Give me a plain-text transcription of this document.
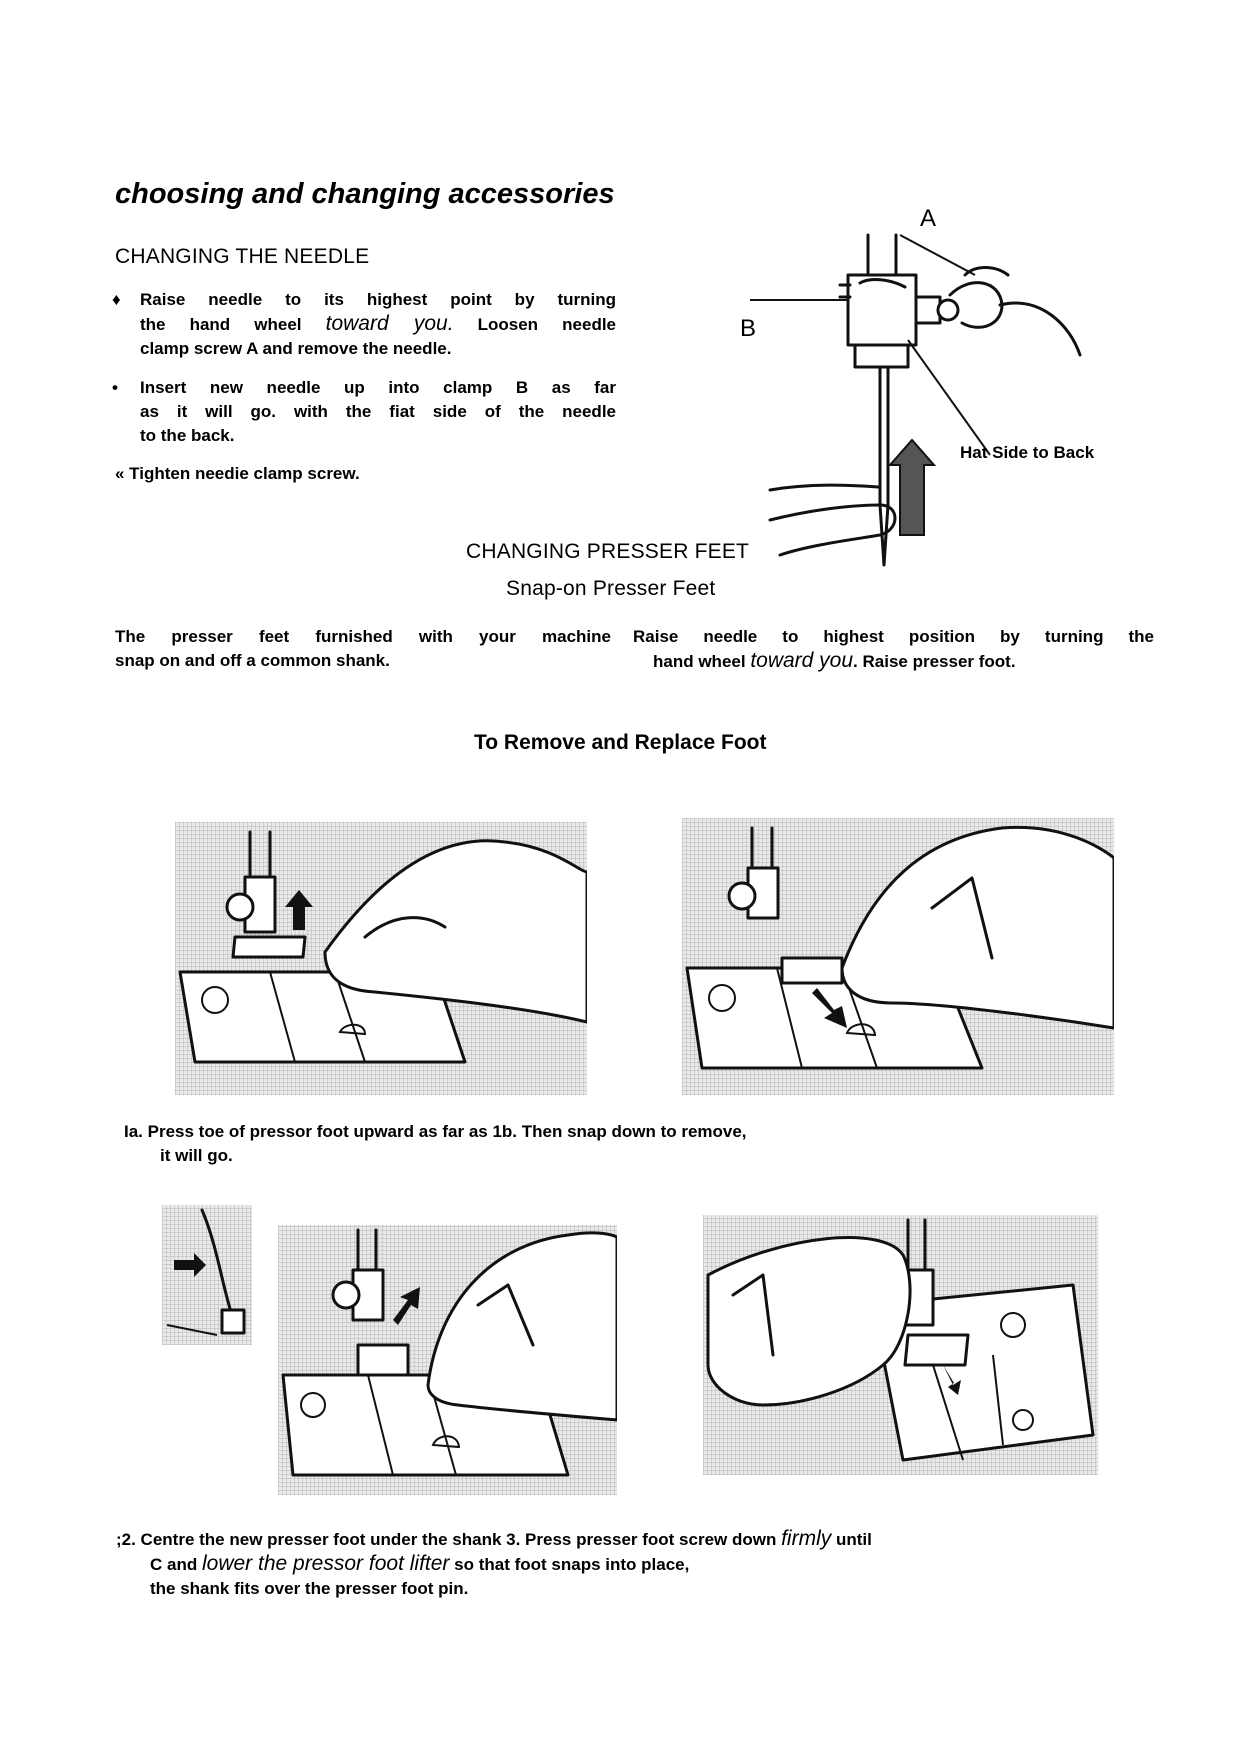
choosing and changing accessories
CHANGING THE NEEDLE
♦ Raise needle to its highest point by turning
the hand wheel toward you. Loosen needle
clamp screw A and remove the needle.
• Insert new needle up into clamp B as far
as it will go. with the fiat side of the needle
to the back.
« Tighten needie clamp screw.
A
B
Hat Side to Back
CHANGING PRESSER FEET
Snap-on Presser Feet
The presser feet furnished with your machine
snap on and off a common shank.
Raise needle to highest position by turning the
hand wheel toward you. Raise presser foot.
To Remove and Replace Foot
Ia. Press toe of pressor foot upward as far as 1b. Then snap down to remove,
it will go.
;2. Centre the new presser foot under the shank 3. Press presser foot screw down firmly until
C and lower the pressor foot lifter so that foot snaps into place,
the shank fits over the presser foot pin.
